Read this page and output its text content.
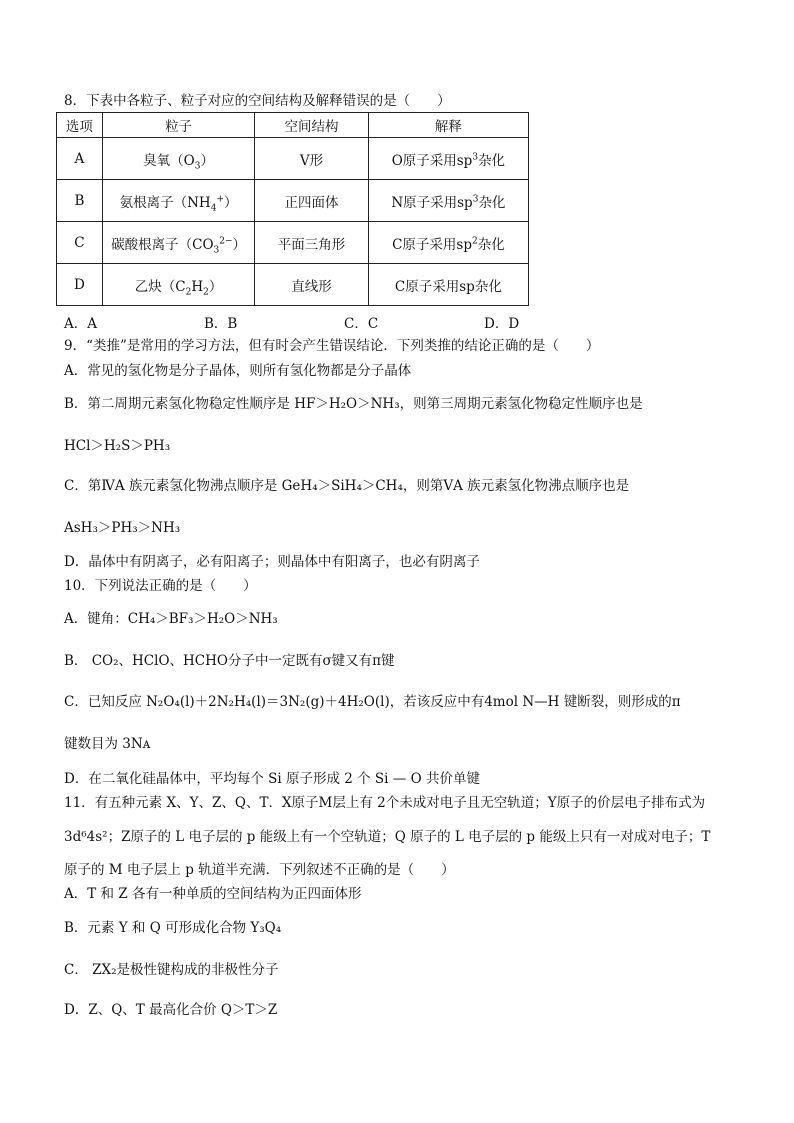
8．下表中各粒子、粒子对应的空间结构及解释错误的是（　　）
选项	粒子	空间结构	解释
A	臭氧$(O_3)$	V形	O原子采用$sp^3$杂化
B	氨根离子$(NH_4^+)$	正四面体	N原子采用$sp^3$杂化
C	碳酸根离子$(CO_3^{2-})$	平面三角形	C原子采用$sp^2$杂化
D	乙炔$(C_2H_2)$	直线形	C原子采用sp杂化
A．A	B．B	C．C	D．D
9．“类推”是常用的学习方法，但有时会产生错误结论．下列类推的结论正确的是（　　）
A．常见的氢化物是分子晶体，则所有氢化物都是分子晶体
B．第二周期元素氢化物稳定性顺序是 HF＞H₂O＞NH₃，则第三周期元素氢化物稳定性顺序也是
HCl＞H₂S＞PH₃
C．第ⅣA 族元素氢化物沸点顺序是 GeH₄＞SiH₄＞CH₄，则第ⅤA 族元素氢化物沸点顺序也是
AsH₃＞PH₃＞NH₃
D．晶体中有阴离子，必有阳离子；则晶体中有阳离子，也必有阴离子
10．下列说法正确的是（　　）
A．键角：CH₄＞BF₃＞H₂O＞NH₃
B． CO₂、HClO、HCHO分子中一定既有σ键又有π键
C．已知反应 N₂O₄(l)＋2N₂H₄(l)＝3N₂(g)＋4H₂O(l)，若该反应中有4mol N—H 键断裂，则形成的π
键数目为 3Nᴀ
D．在二氧化硅晶体中，平均每个 Si 原子形成 2 个 Si — O 共价单键
11．有五种元素 X、Y、Z、Q、T．X原子M层上有 2个未成对电子且无空轨道；Y原子的价层电子排布式为
3d⁶4s²；Z原子的 L 电子层的 p 能级上有一个空轨道；Q 原子的 L 电子层的 p 能级上只有一对成对电子；T
原子的 M 电子层上 p 轨道半充满．下列叙述不正确的是（　　）
A．T 和 Z 各有一种单质的空间结构为正四面体形
B．元素 Y 和 Q 可形成化合物 Y₃Q₄
C． ZX₂是极性键构成的非极性分子
D．Z、Q、T 最高化合价 Q＞T＞Z
